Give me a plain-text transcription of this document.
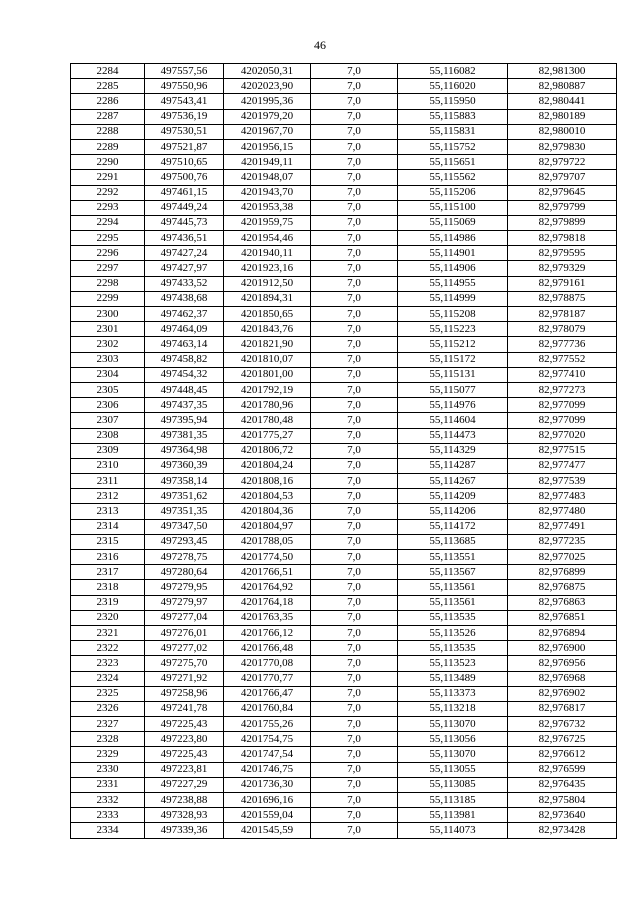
46
2284	497557,56	4202050,31	7,0	55,116082	82,981300
2285	497550,96	4202023,90	7,0	55,116020	82,980887
2286	497543,41	4201995,36	7,0	55,115950	82,980441
2287	497536,19	4201979,20	7,0	55,115883	82,980189
2288	497530,51	4201967,70	7,0	55,115831	82,980010
2289	497521,87	4201956,15	7,0	55,115752	82,979830
2290	497510,65	4201949,11	7,0	55,115651	82,979722
2291	497500,76	4201948,07	7,0	55,115562	82,979707
2292	497461,15	4201943,70	7,0	55,115206	82,979645
2293	497449,24	4201953,38	7,0	55,115100	82,979799
2294	497445,73	4201959,75	7,0	55,115069	82,979899
2295	497436,51	4201954,46	7,0	55,114986	82,979818
2296	497427,24	4201940,11	7,0	55,114901	82,979595
2297	497427,97	4201923,16	7,0	55,114906	82,979329
2298	497433,52	4201912,50	7,0	55,114955	82,979161
2299	497438,68	4201894,31	7,0	55,114999	82,978875
2300	497462,37	4201850,65	7,0	55,115208	82,978187
2301	497464,09	4201843,76	7,0	55,115223	82,978079
2302	497463,14	4201821,90	7,0	55,115212	82,977736
2303	497458,82	4201810,07	7,0	55,115172	82,977552
2304	497454,32	4201801,00	7,0	55,115131	82,977410
2305	497448,45	4201792,19	7,0	55,115077	82,977273
2306	497437,35	4201780,96	7,0	55,114976	82,977099
2307	497395,94	4201780,48	7,0	55,114604	82,977099
2308	497381,35	4201775,27	7,0	55,114473	82,977020
2309	497364,98	4201806,72	7,0	55,114329	82,977515
2310	497360,39	4201804,24	7,0	55,114287	82,977477
2311	497358,14	4201808,16	7,0	55,114267	82,977539
2312	497351,62	4201804,53	7,0	55,114209	82,977483
2313	497351,35	4201804,36	7,0	55,114206	82,977480
2314	497347,50	4201804,97	7,0	55,114172	82,977491
2315	497293,45	4201788,05	7,0	55,113685	82,977235
2316	497278,75	4201774,50	7,0	55,113551	82,977025
2317	497280,64	4201766,51	7,0	55,113567	82,976899
2318	497279,95	4201764,92	7,0	55,113561	82,976875
2319	497279,97	4201764,18	7,0	55,113561	82,976863
2320	497277,04	4201763,35	7,0	55,113535	82,976851
2321	497276,01	4201766,12	7,0	55,113526	82,976894
2322	497277,02	4201766,48	7,0	55,113535	82,976900
2323	497275,70	4201770,08	7,0	55,113523	82,976956
2324	497271,92	4201770,77	7,0	55,113489	82,976968
2325	497258,96	4201766,47	7,0	55,113373	82,976902
2326	497241,78	4201760,84	7,0	55,113218	82,976817
2327	497225,43	4201755,26	7,0	55,113070	82,976732
2328	497223,80	4201754,75	7,0	55,113056	82,976725
2329	497225,43	4201747,54	7,0	55,113070	82,976612
2330	497223,81	4201746,75	7,0	55,113055	82,976599
2331	497227,29	4201736,30	7,0	55,113085	82,976435
2332	497238,88	4201696,16	7,0	55,113185	82,975804
2333	497328,93	4201559,04	7,0	55,113981	82,973640
2334	497339,36	4201545,59	7,0	55,114073	82,973428
